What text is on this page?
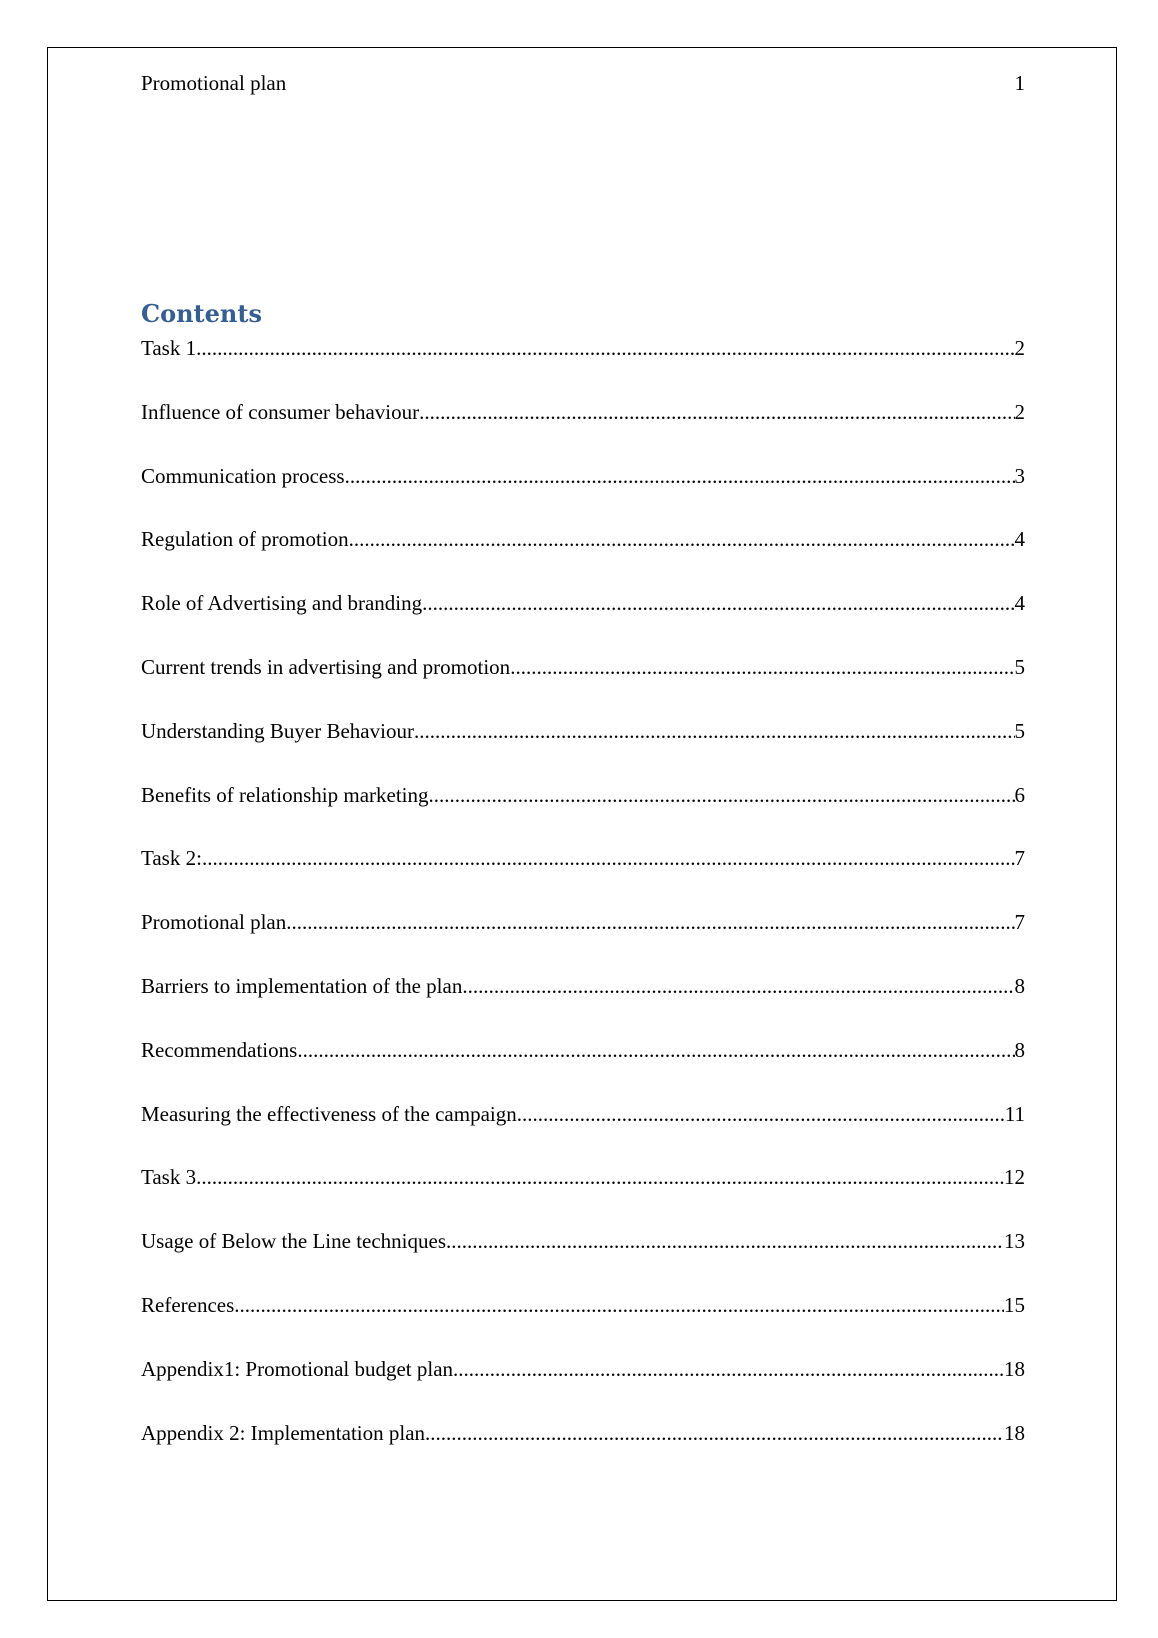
Promotional plan	1
Contents
Task 1 .....	2
Influence of consumer behaviour .....	2
Communication process .....	3
Regulation of promotion .....	4
Role of Advertising and branding .....	4
Current trends in advertising and promotion .....	5
Understanding Buyer Behaviour .....	5
Benefits of relationship marketing .....	6
Task 2: .....	7
Promotional plan .....	7
Barriers to implementation of the plan .....	8
Recommendations .....	8
Measuring the effectiveness of the campaign .....	11
Task 3 .....	12
Usage of Below the Line techniques .....	13
References .....	15
Appendix1: Promotional budget plan .....	18
Appendix 2: Implementation plan .....	18
